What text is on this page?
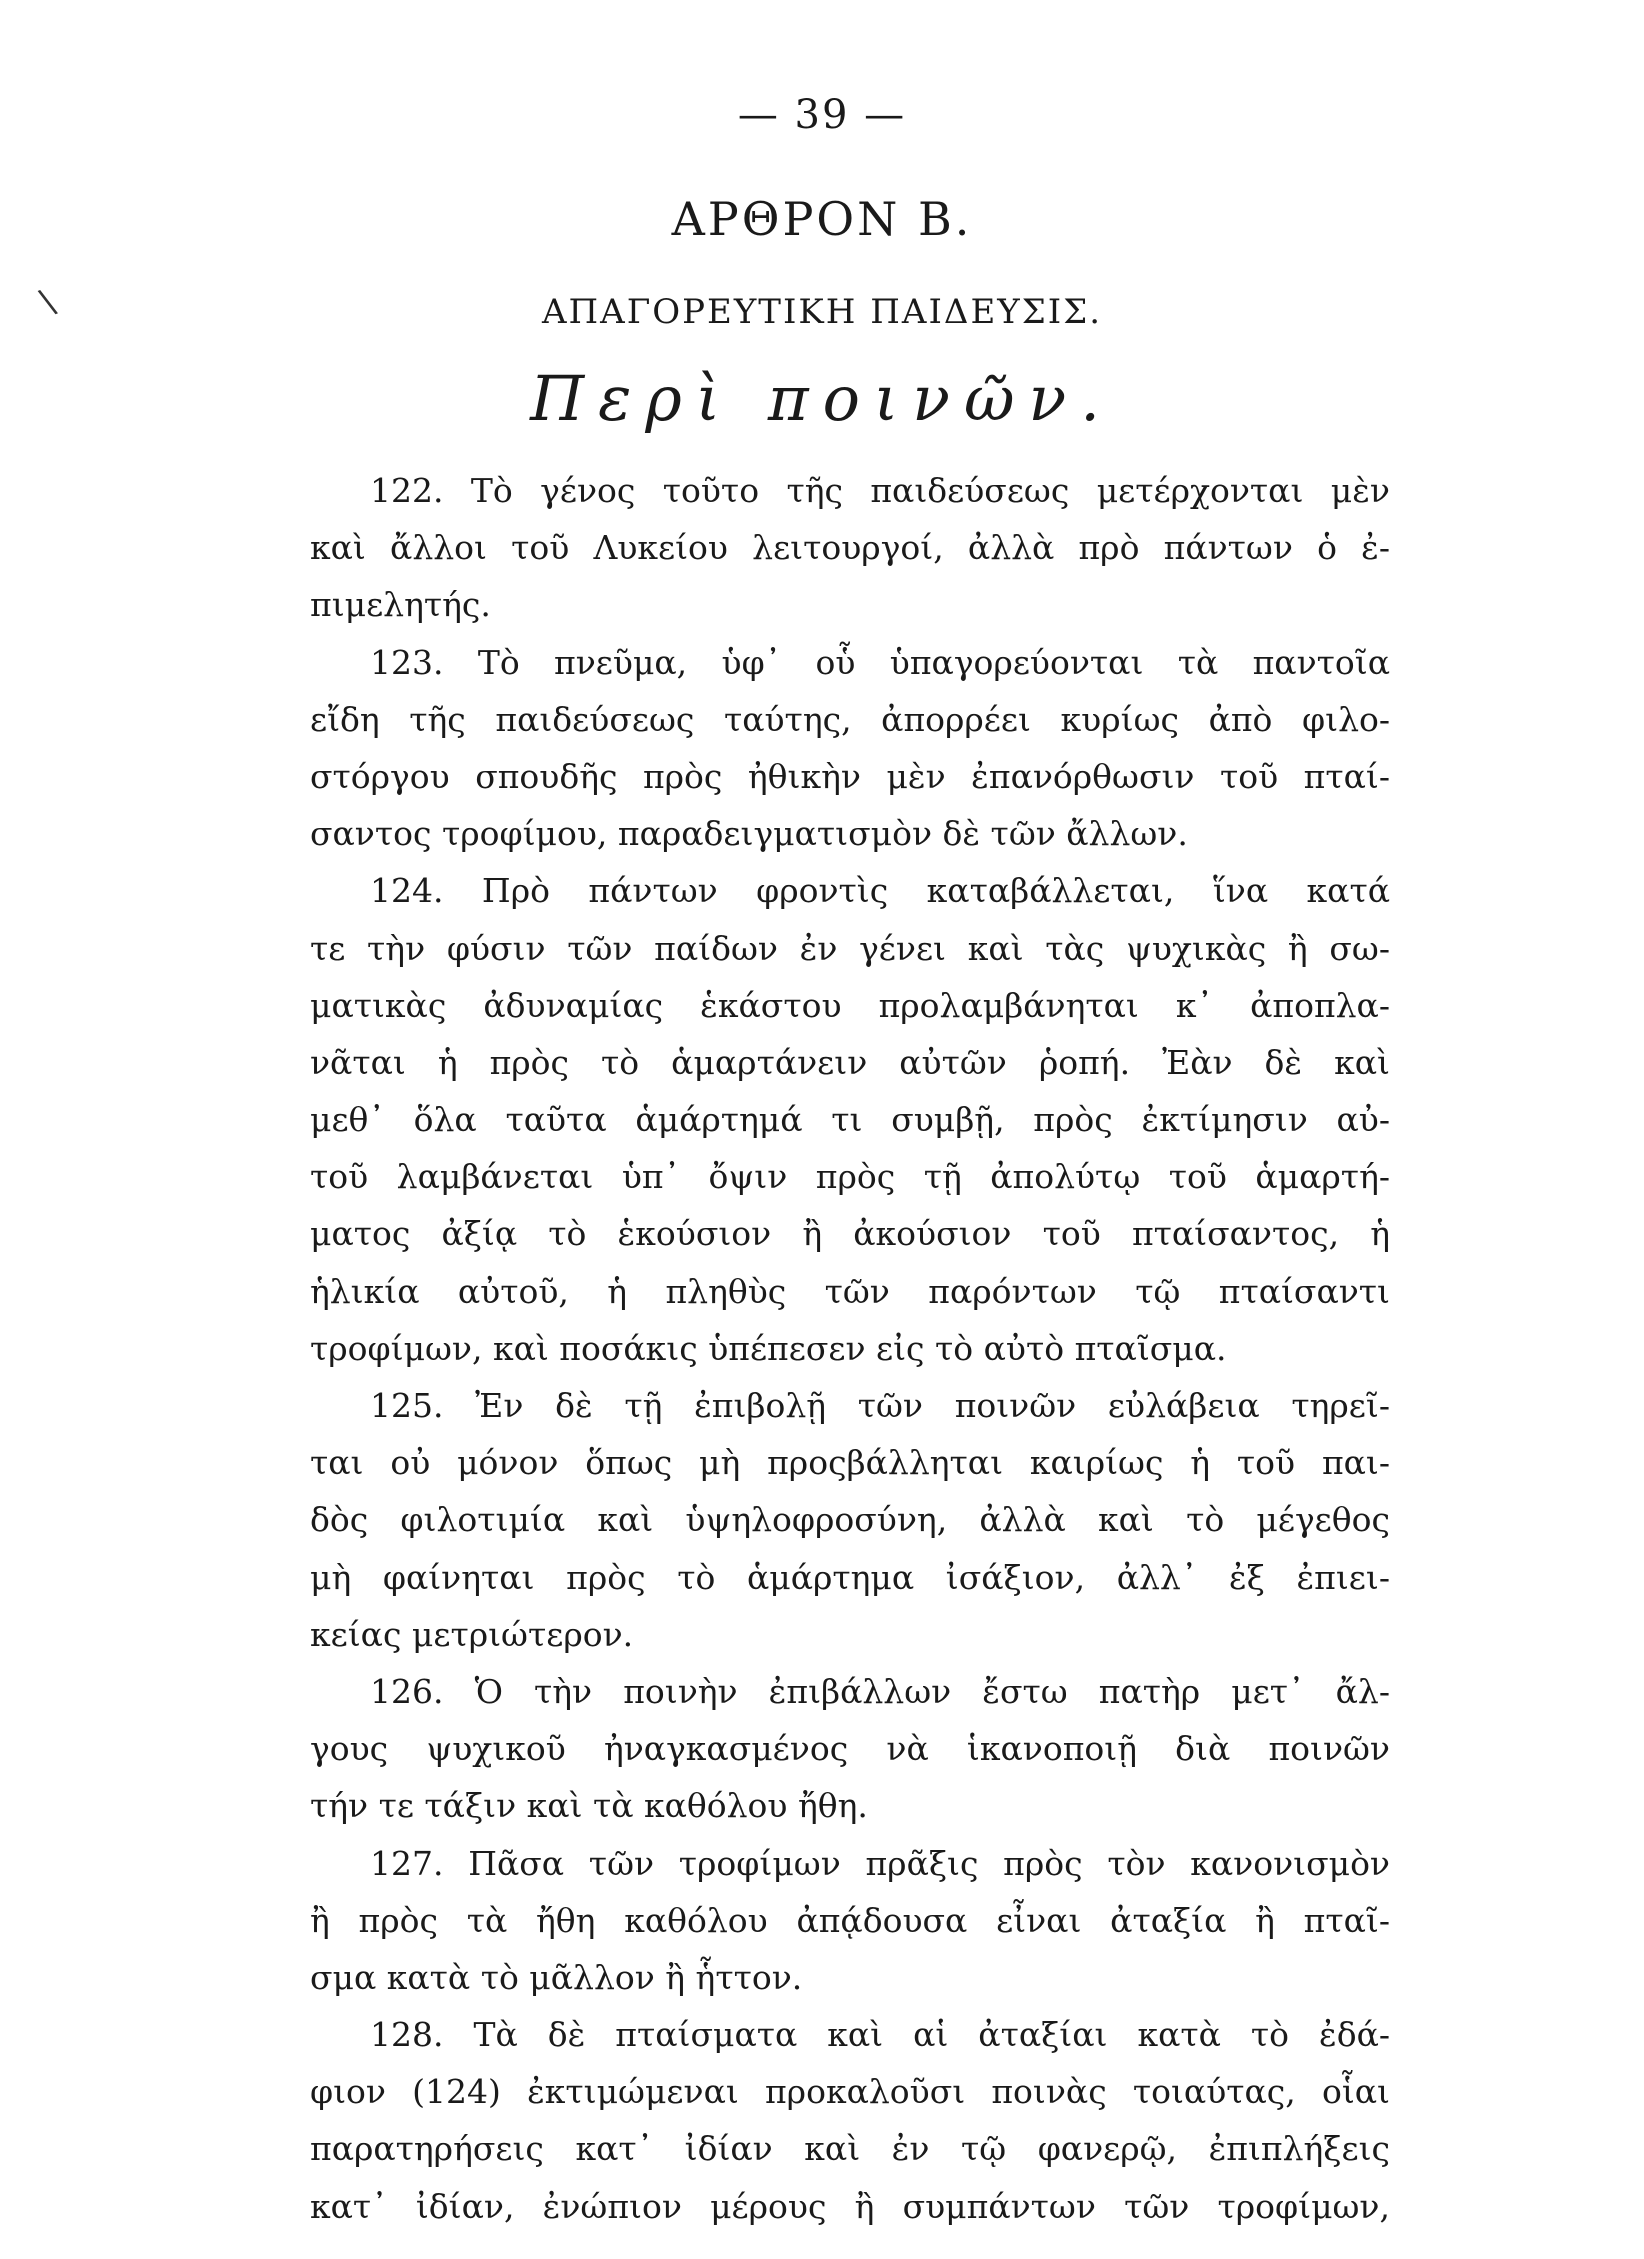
\
— 39 —
ΑΡΘΡΟΝ Β.
ΑΠΑΓΟΡΕΥΤΙΚΗ ΠΑΙΔΕΥΣΙΣ.
Περὶ ποινῶν.
122. Τὸ γένος τοῦτο τῆς παιδεύσεως μετέρχονται μὲν
καὶ ἄλλοι τοῦ Λυκείου λειτουργοί, ἀλλὰ πρὸ πάντων ὁ ἐ-
πιμελητής.
123. Τὸ πνεῦμα, ὑφ᾽ οὗ ὑπαγορεύονται τὰ παντοῖα
εἴδη τῆς παιδεύσεως ταύτης, ἀπορρέει κυρίως ἀπὸ φιλο-
στόργου σπουδῆς πρὸς ἠθικὴν μὲν ἐπανόρθωσιν τοῦ πταί-
σαντος τροφίμου, παραδειγματισμὸν δὲ τῶν ἄλλων.
124. Πρὸ πάντων φροντὶς καταβάλλεται, ἵνα κατά
τε τὴν φύσιν τῶν παίδων ἐν γένει καὶ τὰς ψυχικὰς ἢ σω-
ματικὰς ἀδυναμίας ἑκάστου προλαμβάνηται κ᾽ ἀποπλα-
νᾶται ἡ πρὸς τὸ ἁμαρτάνειν αὐτῶν ῥοπή. Ἐὰν δὲ καὶ
μεθ᾽ ὅλα ταῦτα ἁμάρτημά τι συμβῇ, πρὸς ἐκτίμησιν αὐ-
τοῦ λαμβάνεται ὑπ᾽ ὄψιν πρὸς τῇ ἀπολύτῳ τοῦ ἁμαρτή-
ματος ἀξίᾳ τὸ ἑκούσιον ἢ ἀκούσιον τοῦ πταίσαντος, ἡ
ἡλικία αὐτοῦ, ἡ πληθὺς τῶν παρόντων τῷ πταίσαντι
τροφίμων, καὶ ποσάκις ὑπέπεσεν εἰς τὸ αὐτὸ πταῖσμα.
125. Ἐν δὲ τῇ ἐπιβολῇ τῶν ποινῶν εὐλάβεια τηρεῖ-
ται οὐ μόνον ὅπως μὴ προςβάλληται καιρίως ἡ τοῦ παι-
δὸς φιλοτιμία καὶ ὑψηλοφροσύνη, ἀλλὰ καὶ τὸ μέγεθος
μὴ φαίνηται πρὸς τὸ ἁμάρτημα ἰσάξιον, ἀλλ᾽ ἐξ ἐπιει-
κείας μετριώτερον.
126. Ὁ τὴν ποινὴν ἐπιβάλλων ἔστω πατὴρ μετ᾽ ἄλ-
γους ψυχικοῦ ἠναγκασμένος νὰ ἱκανοποιῇ διὰ ποινῶν
τήν τε τάξιν καὶ τὰ καθόλου ἤθη.
127. Πᾶσα τῶν τροφίμων πρᾶξις πρὸς τὸν κανονισμὸν
ἢ πρὸς τὰ ἤθη καθόλου ἀπᾴδουσα εἶναι ἀταξία ἢ πταῖ-
σμα κατὰ τὸ μᾶλλον ἢ ἧττον.
128. Τὰ δὲ πταίσματα καὶ αἱ ἀταξίαι κατὰ τὸ ἐδά-
φιον (124) ἐκτιμώμεναι προκαλοῦσι ποινὰς τοιαύτας, οἷαι
παρατηρήσεις κατ᾽ ἰδίαν καὶ ἐν τῷ φανερῷ, ἐπιπλήξεις
κατ᾽ ἰδίαν, ἐνώπιον μέρους ἢ συμπάντων τῶν τροφίμων,
